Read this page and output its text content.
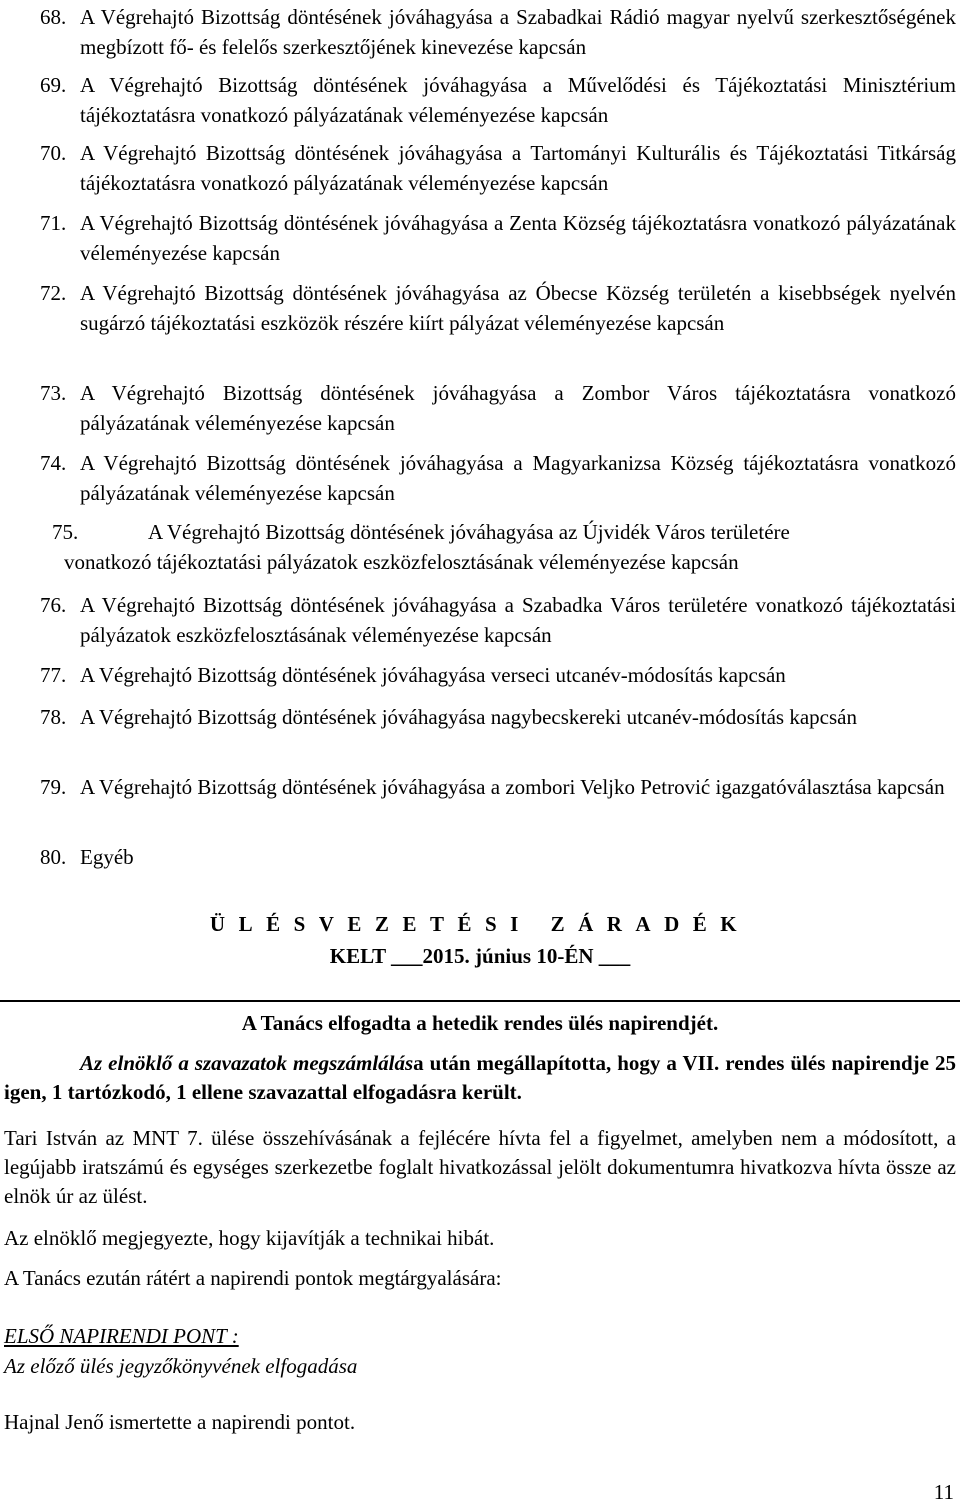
68. A Végrehajtó Bizottság döntésének jóváhagyása a Szabadkai Rádió magyar nyelvű szerkesztőségének megbízott fő- és felelős szerkesztőjének kinevezése kapcsán
69. A Végrehajtó Bizottság döntésének jóváhagyása a Művelődési és Tájékoztatási Minisztérium tájékoztatásra vonatkozó pályázatának véleményezése kapcsán
70. A Végrehajtó Bizottság döntésének jóváhagyása a Tartományi Kulturális és Tájékoztatási Titkárság tájékoztatásra vonatkozó pályázatának véleményezése kapcsán
71. A Végrehajtó Bizottság döntésének jóváhagyása a Zenta Község tájékoztatásra vonatkozó pályázatának véleményezése kapcsán
72. A Végrehajtó Bizottság döntésének jóváhagyása az Óbecse Község területén a kisebbségek nyelvén sugárzó tájékoztatási eszközök részére kiírt pályázat véleményezése kapcsán
73. A Végrehajtó Bizottság döntésének jóváhagyása a Zombor Város tájékoztatásra vonatkozó pályázatának véleményezése kapcsán
74. A Végrehajtó Bizottság döntésének jóváhagyása a Magyarkanizsa Község tájékoztatásra vonatkozó pályázatának véleményezése kapcsán
75.	A Végrehajtó Bizottság döntésének jóváhagyása az Újvidék Város területére
vonatkozó tájékoztatási pályázatok eszközfelosztásának véleményezése kapcsán
76. A Végrehajtó Bizottság döntésének jóváhagyása a Szabadka Város területére vonatkozó tájékoztatási pályázatok eszközfelosztásának véleményezése kapcsán
77. A Végrehajtó Bizottság döntésének jóváhagyása verseci utcanév-módosítás kapcsán
78. A Végrehajtó Bizottság döntésének jóváhagyása nagybecskereki utcanév-módosítás kapcsán
79. A Végrehajtó Bizottság döntésének jóváhagyása a zombori Veljko Petrović igazgatóválasztása kapcsán
80. Egyéb
ÜLÉSVEZETÉSI ZÁRADÉK
KELT ___2015. június 10-ÉN ___
A Tanács elfogadta a hetedik rendes ülés napirendjét.
Az elnöklő a szavazatok megszámlálása után megállapította, hogy a VII. rendes ülés napirendje 25 igen, 1 tartózkodó, 1 ellene szavazattal elfogadásra került.
Tari István az MNT 7. ülése összehívásának a fejlécére hívta fel a figyelmet, amelyben nem a módosított, a legújabb iratszámú és egységes szerkezetbe foglalt hivatkozással jelölt dokumentumra hivatkozva hívta össze az elnök úr az ülést.
Az elnöklő megjegyezte, hogy kijavítják a technikai hibát.
A Tanács ezután rátért a napirendi pontok megtárgyalására:
ELSŐ NAPIRENDI PONT :
Az előző ülés jegyzőkönyvének elfogadása
Hajnal Jenő ismertette a napirendi pontot.
11
